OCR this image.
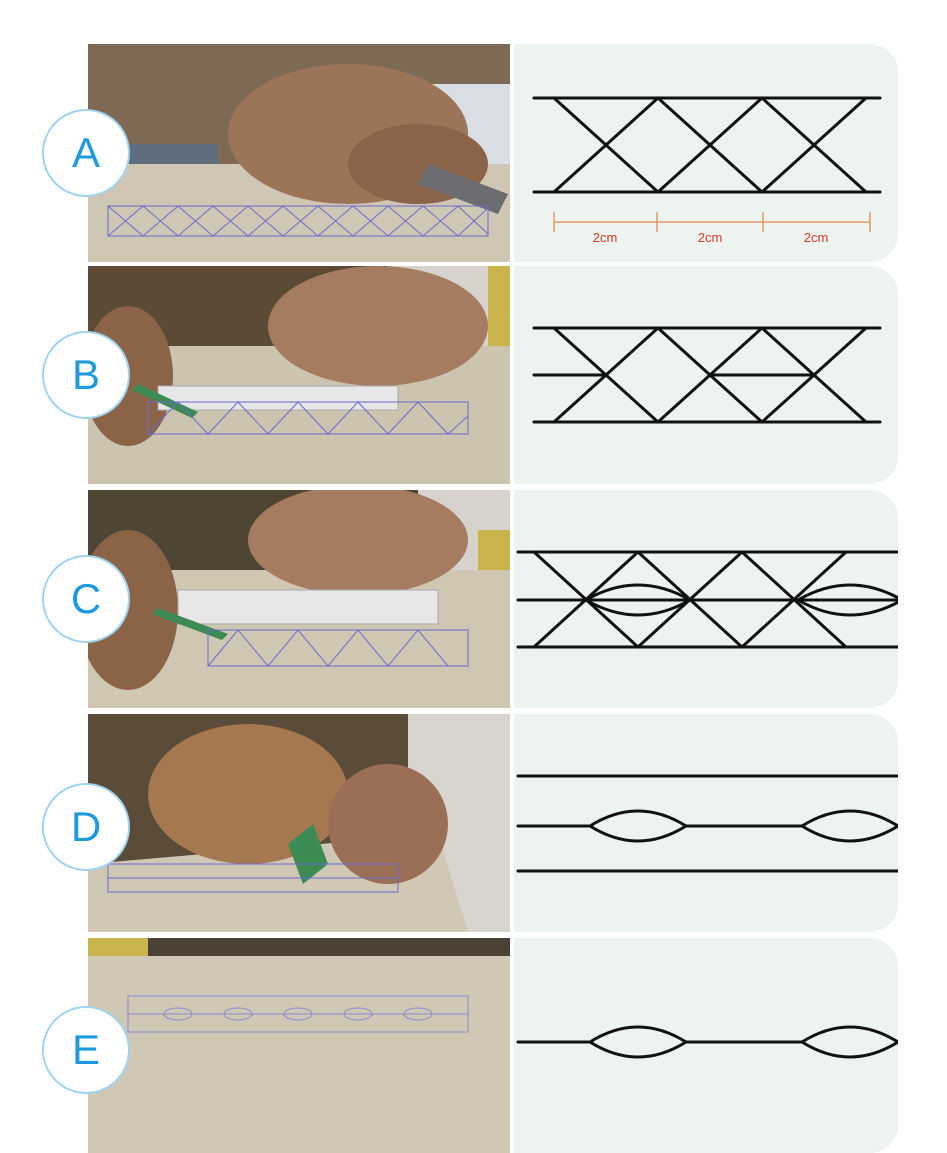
2cm	2cm	2cm
A
B
C
D
E
